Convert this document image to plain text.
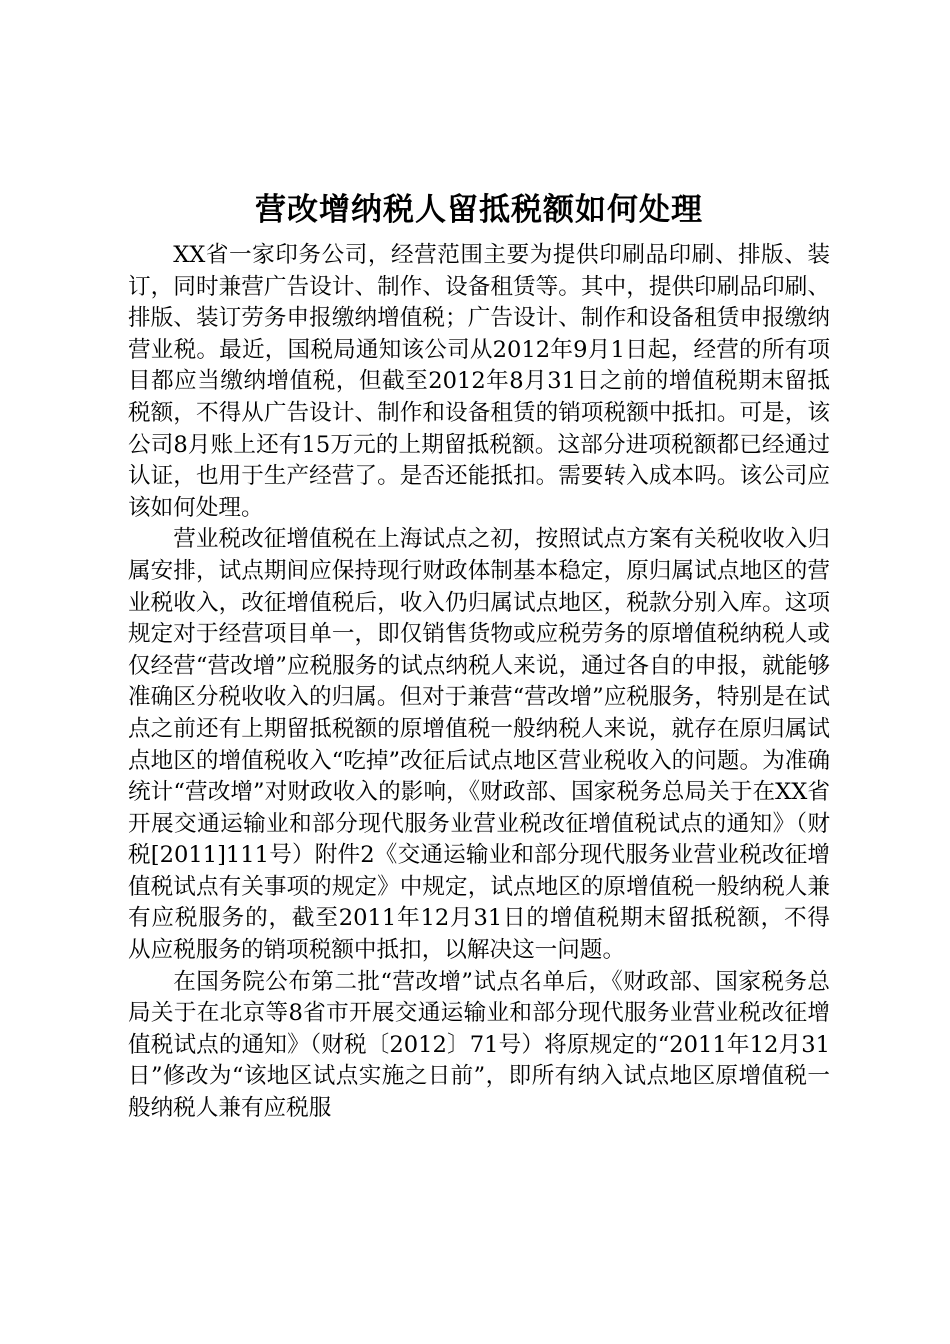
营改增纳税人留抵税额如何处理

XX省一家印务公司，经营范围主要为提供印刷品印刷、排版、装订，同时兼营广告设计、制作、设备租赁等。其中，提供印刷品印刷、排版、装订劳务申报缴纳增值税；广告设计、制作和设备租赁申报缴纳营业税。最近，国税局通知该公司从2012年9月1日起，经营的所有项目都应当缴纳增值税，但截至2012年8月31日之前的增值税期末留抵税额，不得从广告设计、制作和设备租赁的销项税额中抵扣。可是，该公司8月账上还有15万元的上期留抵税额。这部分进项税额都已经通过认证，也用于生产经营了。是否还能抵扣。需要转入成本吗。该公司应该如何处理。

营业税改征增值税在上海试点之初，按照试点方案有关税收收入归属安排，试点期间应保持现行财政体制基本稳定，原归属试点地区的营业税收入，改征增值税后，收入仍归属试点地区，税款分别入库。这项规定对于经营项目单一，即仅销售货物或应税劳务的原增值税纳税人或仅经营“营改增”应税服务的试点纳税人来说，通过各自的申报，就能够准确区分税收收入的归属。但对于兼营“营改增”应税服务，特别是在试点之前还有上期留抵税额的原增值税一般纳税人来说，就存在原归属试点地区的增值税收入“吃掉”改征后试点地区营业税收入的问题。为准确统计“营改增”对财政收入的影响，《财政部、国家税务总局关于在XX省开展交通运输业和部分现代服务业营业税改征增值税试点的通知》（财税[2011]111号）附件2《交通运输业和部分现代服务业营业税改征增值税试点有关事项的规定》中规定，试点地区的原增值税一般纳税人兼有应税服务的，截至2011年12月31日的增值税期末留抵税额，不得从应税服务的销项税额中抵扣，以解决这一问题。

在国务院公布第二批“营改增”试点名单后，《财政部、国家税务总局关于在北京等8省市开展交通运输业和部分现代服务业营业税改征增值税试点的通知》（财税〔2012〕71号）将原规定的“2011年12月31日”修改为“该地区试点实施之日前”，即所有纳入试点地区原增值税一般纳税人兼有应税服
